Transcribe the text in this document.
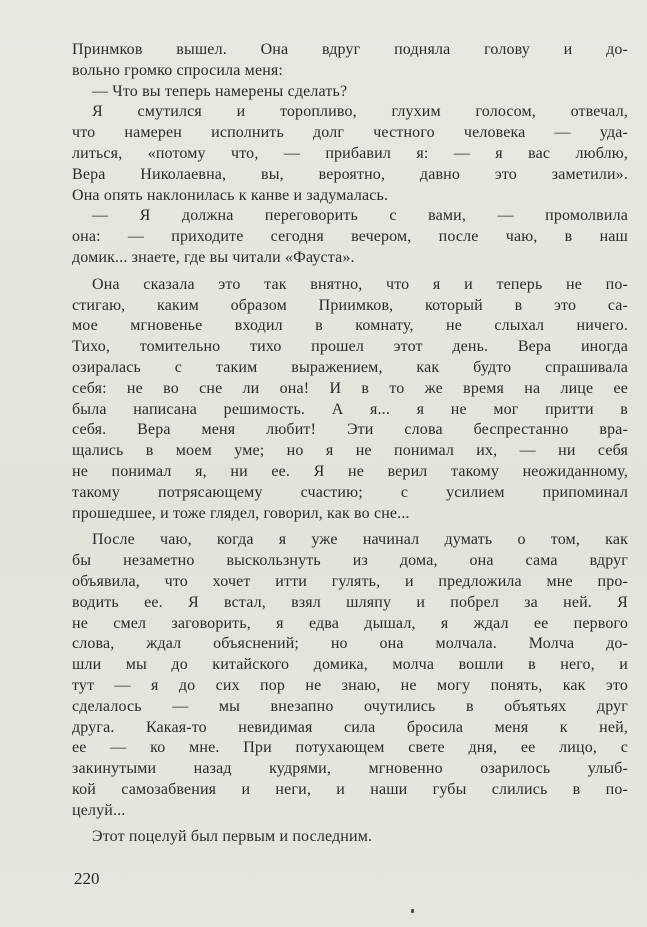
Принмков вышел. Она вдруг подняла голову и до-
вольно громко спросила меня:
— Что вы теперь намерены сделать?
Я смутился и торопливо, глухим голосом, отвечал,
что намерен исполнить долг честного человека — уда-
литься, «потому что, — прибавил я: — я вас люблю,
Вера Николаевна, вы, вероятно, давно это заметили».
Она опять наклонилась к канве и задумалась.
— Я должна переговорить с вами, — промолвила
она: — приходите сегодня вечером, после чаю, в наш
домик... знаете, где вы читали «Фауста».
Она сказала это так внятно, что я и теперь не по-
стигаю, каким образом Приимков, который в это са-
мое мгновенье входил в комнату, не слыхал ничего.
Тихо, томительно тихо прошел этот день. Вера иногда
озиралась с таким выражением, как будто спрашивала
себя: не во сне ли она! И в то же время на лице ее
была написана решимость. А я... я не мог притти в
себя. Вера меня любит! Эти слова беспрестанно вра-
щались в моем уме; но я не понимал их, — ни себя
не понимал я, ни ее. Я не верил такому неожиданному,
такому потрясающему счастию; с усилием припоминал
прошедшее, и тоже глядел, говорил, как во сне...
После чаю, когда я уже начинал думать о том, как
бы незаметно выскользнуть из дома, она сама вдруг
объявила, что хочет итти гулять, и предложила мне про-
водить ее. Я встал, взял шляпу и побрел за ней. Я
не смел заговорить, я едва дышал, я ждал ее первого
слова, ждал объяснений; но она молчала. Молча до-
шли мы до китайского домика, молча вошли в него, и
тут — я до сих пор не знаю, не могу понять, как это
сделалось — мы внезапно очутились в объятьях друг
друга. Какая-то невидимая сила бросила меня к ней,
ее — ко мне. При потухающем свете дня, ее лицо, с
закинутыми назад кудрями, мгновенно озарилось улыб-
кой самозабвения и неги, и наши губы слились в по-
целуй...
Этот поцелуй был первым и последним.
220
